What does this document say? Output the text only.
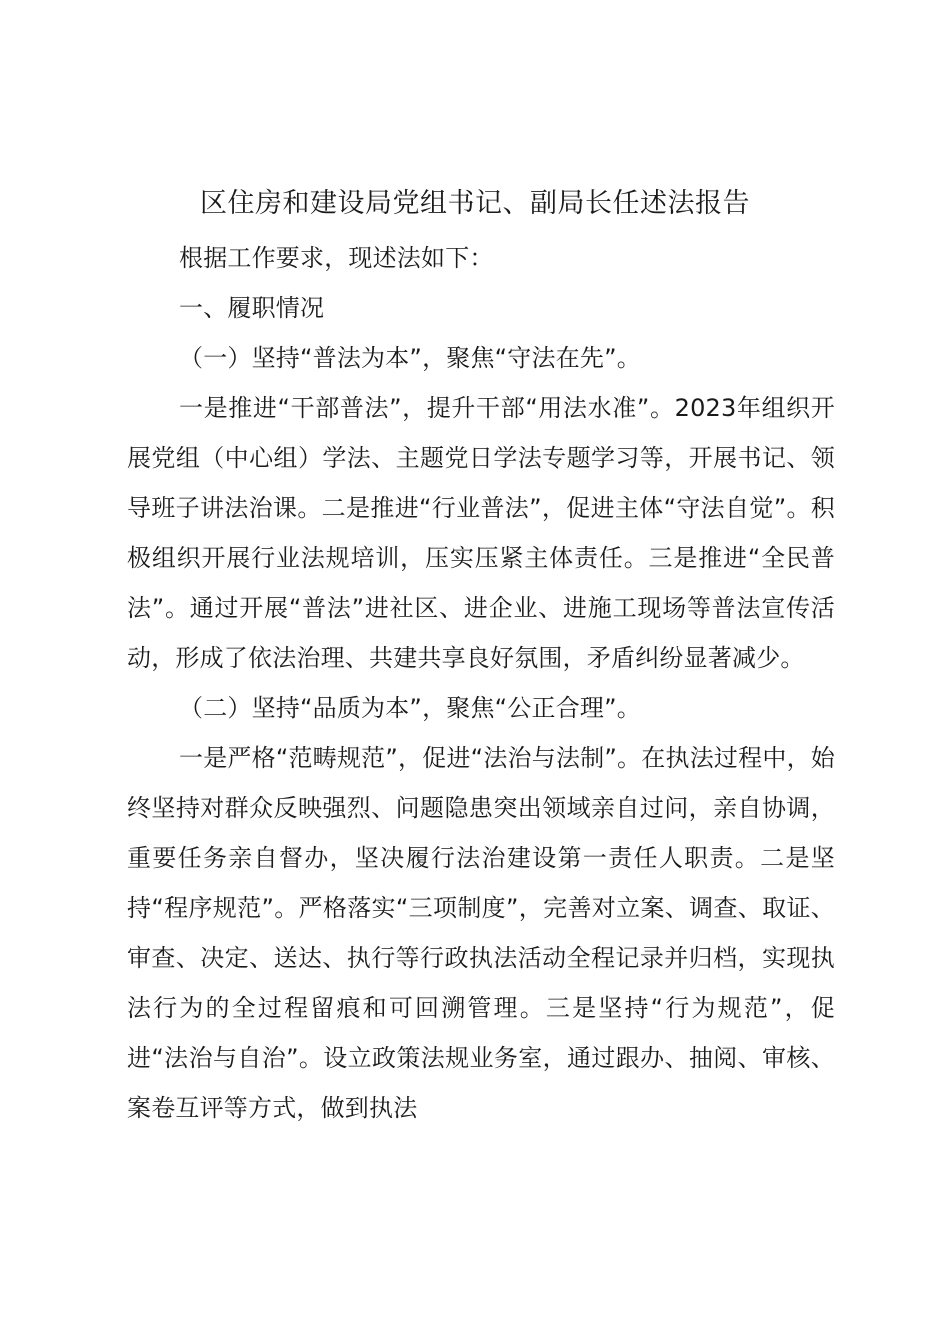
区住房和建设局党组书记、副局长任述法报告

根据工作要求，现述法如下：

一、履职情况

（一）坚持“普法为本”，聚焦“守法在先”。

一是推进“干部普法”，提升干部“用法水准”。2023年组织开展党组（中心组）学法、主题党日学法专题学习等，开展书记、领导班子讲法治课。二是推进“行业普法”，促进主体“守法自觉”。积极组织开展行业法规培训，压实压紧主体责任。三是推进“全民普法”。通过开展“普法”进社区、进企业、进施工现场等普法宣传活动，形成了依法治理、共建共享良好氛围，矛盾纠纷显著减少。

（二）坚持“品质为本”，聚焦“公正合理”。

一是严格“范畴规范”，促进“法治与法制”。在执法过程中，始终坚持对群众反映强烈、问题隐患突出领域亲自过问，亲自协调，重要任务亲自督办，坚决履行法治建设第一责任人职责。二是坚持“程序规范”。严格落实“三项制度”，完善对立案、调查、取证、审查、决定、送达、执行等行政执法活动全程记录并归档，实现执法行为的全过程留痕和可回溯管理。三是坚持“行为规范”，促进“法治与自治”。设立政策法规业务室，通过跟办、抽阅、审核、案卷互评等方式，做到执法
